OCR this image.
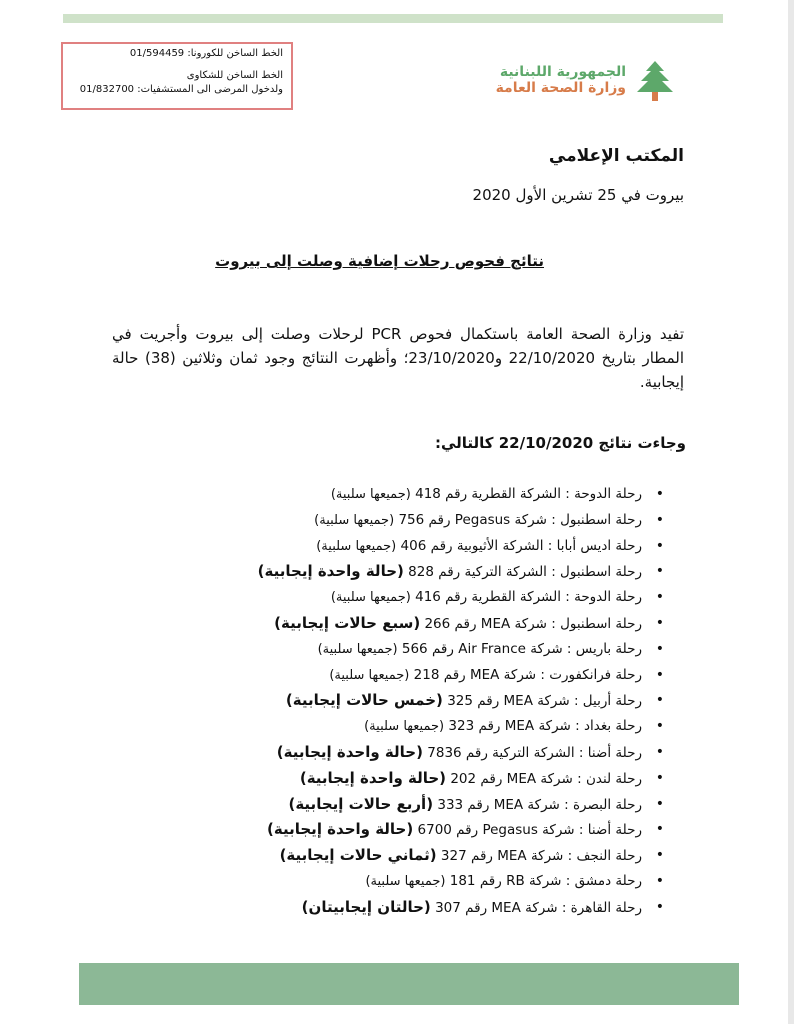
الخط الساخن للكورونا: 01/594459
الخط الساخن للشكاوى
ولدخول المرضى الى المستشفيات: 01/832700
الجمهورية اللبنانية
وزارة الصحة العامة
المكتب الإعلامي
بيروت في 25 تشرين الأول 2020
نتائج فحوص رحلات إضافية وصلت إلى بيروت
تفيد وزارة الصحة العامة باستكمال فحوص PCR لرحلات وصلت إلى بيروت وأجريت في المطار بتاريخ 22/10/2020 و23/10/2020؛ وأظهرت النتائج وجود ثمان وثلاثين (38) حالة إيجابية.
وجاءت نتائج 22/10/2020 كالتالي:
•
رحلة الدوحة : الشركة القطرية رقم 418 (جميعها سلبية)
•
رحلة اسطنبول : شركة Pegasus رقم 756 (جميعها سلبية)
•
رحلة اديس أبابا : الشركة الأثيوبية رقم 406 (جميعها سلبية)
•
رحلة اسطنبول : الشركة التركية رقم 828 (حالة واحدة إيجابية)
•
رحلة الدوحة : الشركة القطرية رقم 416 (جميعها سلبية)
•
رحلة اسطنبول : شركة MEA رقم 266 (سبع حالات إيجابية)
•
رحلة باريس : شركة Air France رقم 566 (جميعها سلبية)
•
رحلة فرانكفورت : شركة MEA رقم 218 (جميعها سلبية)
•
رحلة أربيل : شركة MEA رقم 325 (خمس حالات إيجابية)
•
رحلة بغداد : شركة MEA رقم 323 (جميعها سلبية)
•
رحلة أضنا : الشركة التركية رقم 7836 (حالة واحدة إيجابية)
•
رحلة لندن : شركة MEA رقم 202 (حالة واحدة إيجابية)
•
رحلة البصرة : شركة MEA رقم 333 (أربع حالات إيجابية)
•
رحلة أضنا : شركة Pegasus رقم 6700 (حالة واحدة إيجابية)
•
رحلة النجف : شركة MEA رقم 327 (ثماني حالات إيجابية)
•
رحلة دمشق : شركة RB رقم 181 (جميعها سلبية)
•
رحلة القاهرة : شركة MEA رقم 307 (حالتان إيجابيتان)
